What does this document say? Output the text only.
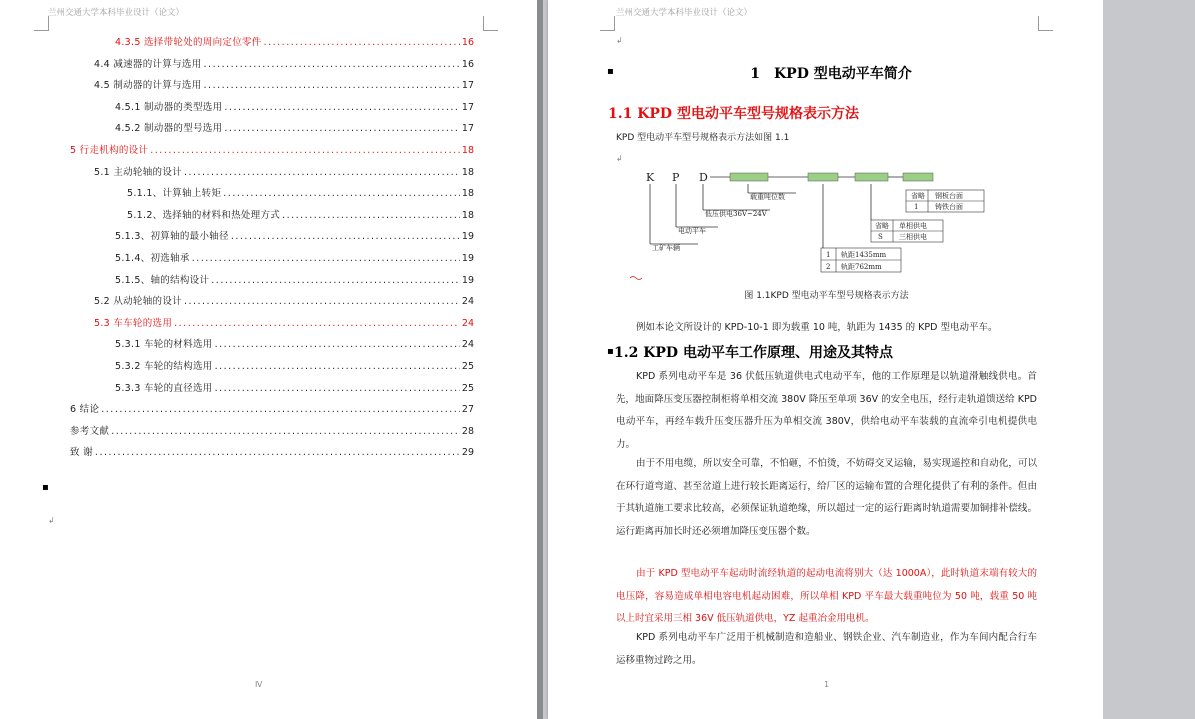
兰州交通大学本科毕业设计（论文）
4.3.5 选择带轮处的周向定位零件 .....	16
4.4 减速器的计算与选用 .....	16
4.5 制动器的计算与选用 .....	17
4.5.1 制动器的类型选用 .....	17
4.5.2 制动器的型号选用 .....	17
5 行走机构的设计 .....	18
5.1 主动轮轴的设计 .....	18
5.1.1、计算轴上转矩 .....	18
5.1.2、选择轴的材料和热处理方式 .....	18
5.1.3、初算轴的最小轴径 .....	19
5.1.4、初选轴承 .....	19
5.1.5、轴的结构设计 .....	19
5.2 从动轮轴的设计 .....	24
5.3 车车轮的选用 .....	24
5.3.1 车轮的材料选用 .....	24
5.3.2 车轮的结构选用 .....	25
5.3.3 车轮的直径选用 .....	25
6 结论 .....	27
参考文献 .....	28
致 谢 .....	29
▪
↲
Ⅳ
兰州交通大学本科毕业设计（论文）
↲
▪	1　KPD 型电动平车简介
1.1 KPD 型电动平车型号规格表示方法
KPD 型电动平车型号规格表示方法如图 1.1
↲
K P D
载重吨位数
低压供电36V~24V
电动平车
工矿车辆
省略 钢板台面
1 铸铁台面
省略 单相供电
S 三相供电
1 轨距1435mm
2 轨距762mm
图 1.1KPD 型电动平车型号规格表示方法
例如本论文所设计的 KPD-10-1 即为载重 10 吨，轨距为 1435 的 KPD 型电动平车。
▪ 1.2 KPD 电动平车工作原理、用途及其特点
KPD 系列电动平车是 36 伏低压轨道供电式电动平车，他的工作原理是以轨道滑触线供电。首先，地面降压变压器控制柜将单相交流 380V 降压至单项 36V 的安全电压，经行走轨道馈送给 KPD 电动平车，再经车载升压变压器升压为单相交流 380V，供给电动平车装载的直流牵引电机提供电力。
由于不用电缆，所以安全可靠，不怕砸，不怕烫，不妨碍交叉运输，易实现遥控和自动化，可以在环行道弯道、甚至岔道上进行较长距离运行，给厂区的运输布置的合理化提供了有利的条件。但由于其轨道施工要求比较高，必须保证轨道绝缘，所以超过一定的运行距离时轨道需要加铜排补偿线。运行距离再加长时还必须增加降压变压器个数。
由于 KPD 型电动平车起动时流经轨道的起动电流将别大（达 1000A），此时轨道末端有较大的电压降，容易造成单相电容电机起动困难，所以单相 KPD 平车最大载重吨位为 50 吨，载重 50 吨以上时宜采用三相 36V 低压轨道供电，YZ 起重冶金用电机。
KPD 系列电动平车广泛用于机械制造和造船业、钢铁企业、汽车制造业，作为车间内配合行车运移重物过跨之用。
1
